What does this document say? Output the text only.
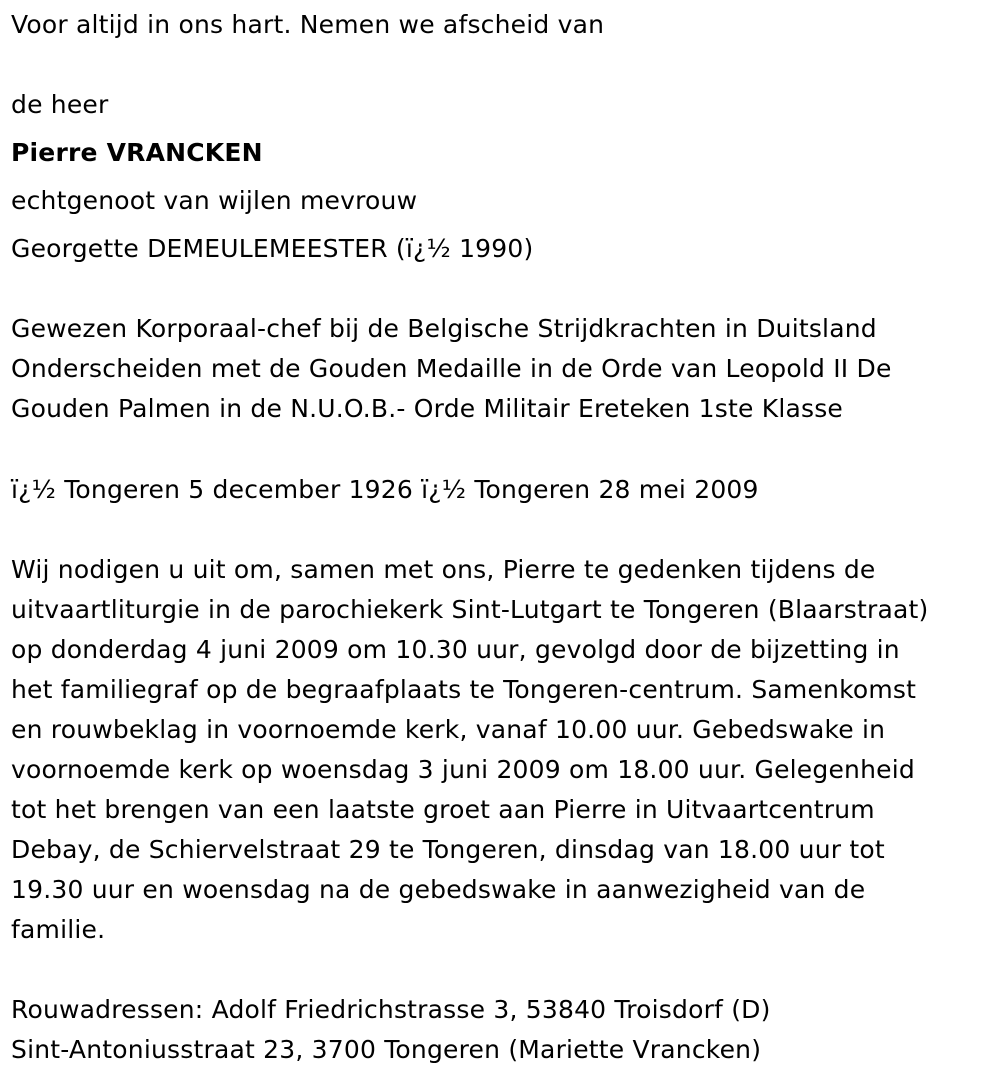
Voor altijd in ons hart. Nemen we afscheid van
de heer
Pierre VRANCKEN
echtgenoot van wijlen mevrouw
Georgette DEMEULEMEESTER (ï¿½ 1990)
Gewezen Korporaal-chef bij de Belgische Strijdkrachten in Duitsland
Onderscheiden met de Gouden Medaille in de Orde van Leopold II De
Gouden Palmen in de N.U.O.B.- Orde Militair Ereteken 1ste Klasse
ï¿½ Tongeren 5 december 1926 ï¿½ Tongeren 28 mei 2009
Wij nodigen u uit om, samen met ons, Pierre te gedenken tijdens de
uitvaartliturgie in de parochiekerk Sint-Lutgart te Tongeren (Blaarstraat)
op donderdag 4 juni 2009 om 10.30 uur, gevolgd door de bijzetting in
het familiegraf op de begraafplaats te Tongeren-centrum. Samenkomst
en rouwbeklag in voornoemde kerk, vanaf 10.00 uur. Gebedswake in
voornoemde kerk op woensdag 3 juni 2009 om 18.00 uur. Gelegenheid
tot het brengen van een laatste groet aan Pierre in Uitvaartcentrum
Debay, de Schiervelstraat 29 te Tongeren, dinsdag van 18.00 uur tot
19.30 uur en woensdag na de gebedswake in aanwezigheid van de
familie.
Rouwadressen: Adolf Friedrichstrasse 3, 53840 Troisdorf (D)
Sint-Antoniusstraat 23, 3700 Tongeren (Mariette Vrancken)
